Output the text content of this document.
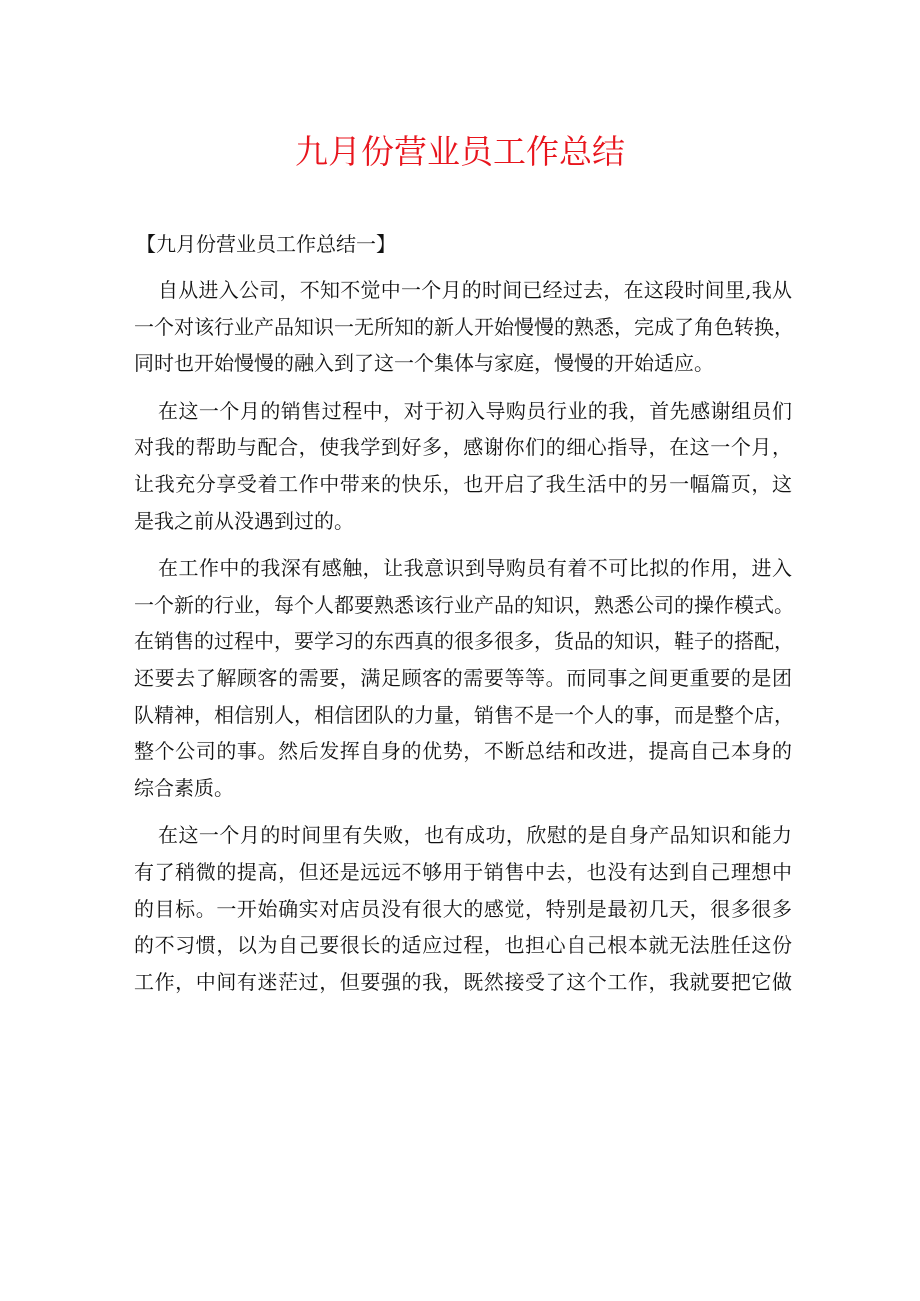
九月份营业员工作总结

【九月份营业员工作总结一】

自从进入公司，不知不觉中一个月的时间已经过去，在这段时间里,我从
一个对该行业产品知识一无所知的新人开始慢慢的熟悉，完成了角色转换，
同时也开始慢慢的融入到了这一个集体与家庭，慢慢的开始适应。
在这一个月的销售过程中，对于初入导购员行业的我，首先感谢组员们
对我的帮助与配合，使我学到好多，感谢你们的细心指导，在这一个月，
让我充分享受着工作中带来的快乐，也开启了我生活中的另一幅篇页，这
是我之前从没遇到过的。
在工作中的我深有感触，让我意识到导购员有着不可比拟的作用，进入
一个新的行业，每个人都要熟悉该行业产品的知识，熟悉公司的操作模式。
在销售的过程中，要学习的东西真的很多很多，货品的知识，鞋子的搭配，
还要去了解顾客的需要，满足顾客的需要等等。而同事之间更重要的是团
队精神，相信别人，相信团队的力量，销售不是一个人的事，而是整个店，
整个公司的事。然后发挥自身的优势，不断总结和改进，提高自己本身的
综合素质。
在这一个月的时间里有失败，也有成功，欣慰的是自身产品知识和能力
有了稍微的提高，但还是远远不够用于销售中去，也没有达到自己理想中
的目标。一开始确实对店员没有很大的感觉，特别是最初几天，很多很多
的不习惯，以为自己要很长的适应过程，也担心自己根本就无法胜任这份
工作，中间有迷茫过，但要强的我，既然接受了这个工作，我就要把它做
